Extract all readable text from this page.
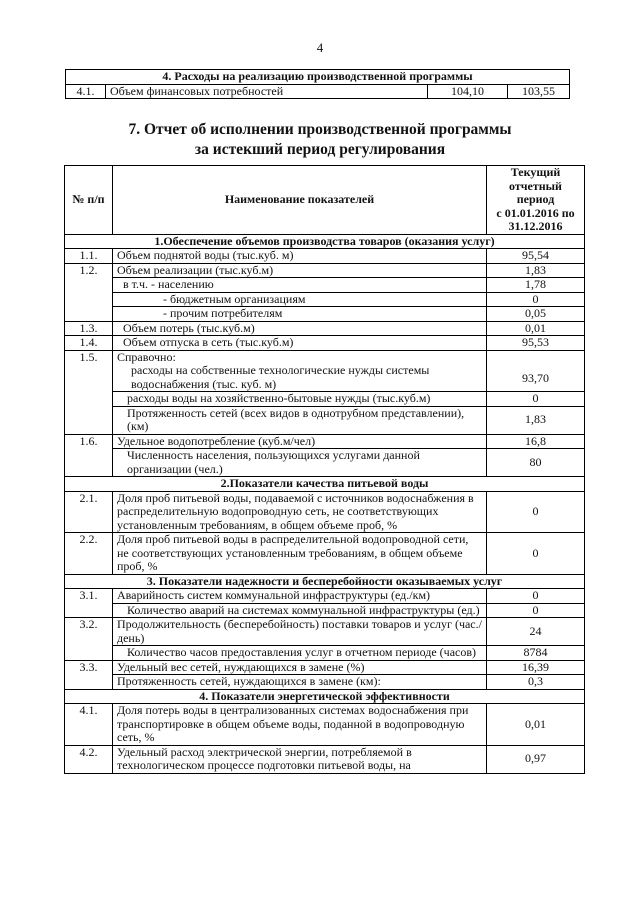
4
4. Расходы на реализацию производственной программы
4.1.	Объем финансовых потребностей	104,10	103,55
7. Отчет об исполнении производственной программы
за истекший период регулирования
№ п/п	Наименование показателей	Текущий
отчетный период
с 01.01.2016 по
31.12.2016

1.Обеспечение объемов производства товаров (оказания услуг)		
1.1.	Объем поднятой воды (тыс.куб. м)	95,54
1.2.	Объем реализации (тыс.куб.м)	1,83
	в т.ч. - населению	1,78
	- бюджетным организациям	0
	- прочим потребителям	0,05
1.3.	Объем потерь (тыс.куб.м)	0,01
1.4.	Объем отпуска в сеть (тыс.куб.м)	95,53
1.5.	Справочно:
расходы на собственные технологические нужды системы водоснабжения (тыс. куб. м)	93,70
	расходы воды на хозяйственно-бытовые нужды (тыс.куб.м)	0
	Протяженность сетей (всех видов в однотрубном представлении), (км)	1,83
1.6.	Удельное водопотребление (куб.м/чел)	16,8
	Численность населения, пользующихся услугами данной организации (чел.)	80
2.Показатели качества питьевой воды		
2.1.	Доля проб питьевой воды, подаваемой с источников водоснабжения в распределительную водопроводную сеть, не соответствующих установленным требованиям, в общем объеме проб, %	0
2.2.	Доля проб питьевой воды в распределительной водопроводной сети, не соответствующих установленным требованиям, в общем объеме проб, %	0
3. Показатели надежности и бесперебойности оказываемых услуг		
3.1.	Аварийность систем коммунальной инфраструктуры (ед./км)	0
	Количество аварий на системах коммунальной инфраструктуры (ед.)	0
3.2.	Продолжительность (бесперебойность) поставки товаров и услуг (час./день)	24
	Количество часов предоставления услуг в отчетном периоде (часов)	8784
3.3.	Удельный вес сетей, нуждающихся в замене (%)	16,39
	Протяженность сетей, нуждающихся в замене (км):	0,3
4. Показатели энергетической эффективности		
4.1.	Доля потерь воды в централизованных системах водоснабжения при транспортировке в общем объеме воды, поданной в водопроводную сеть, %	0,01
4.2.	Удельный расход электрической энергии, потребляемой в технологическом процессе подготовки питьевой воды, на	0,97
